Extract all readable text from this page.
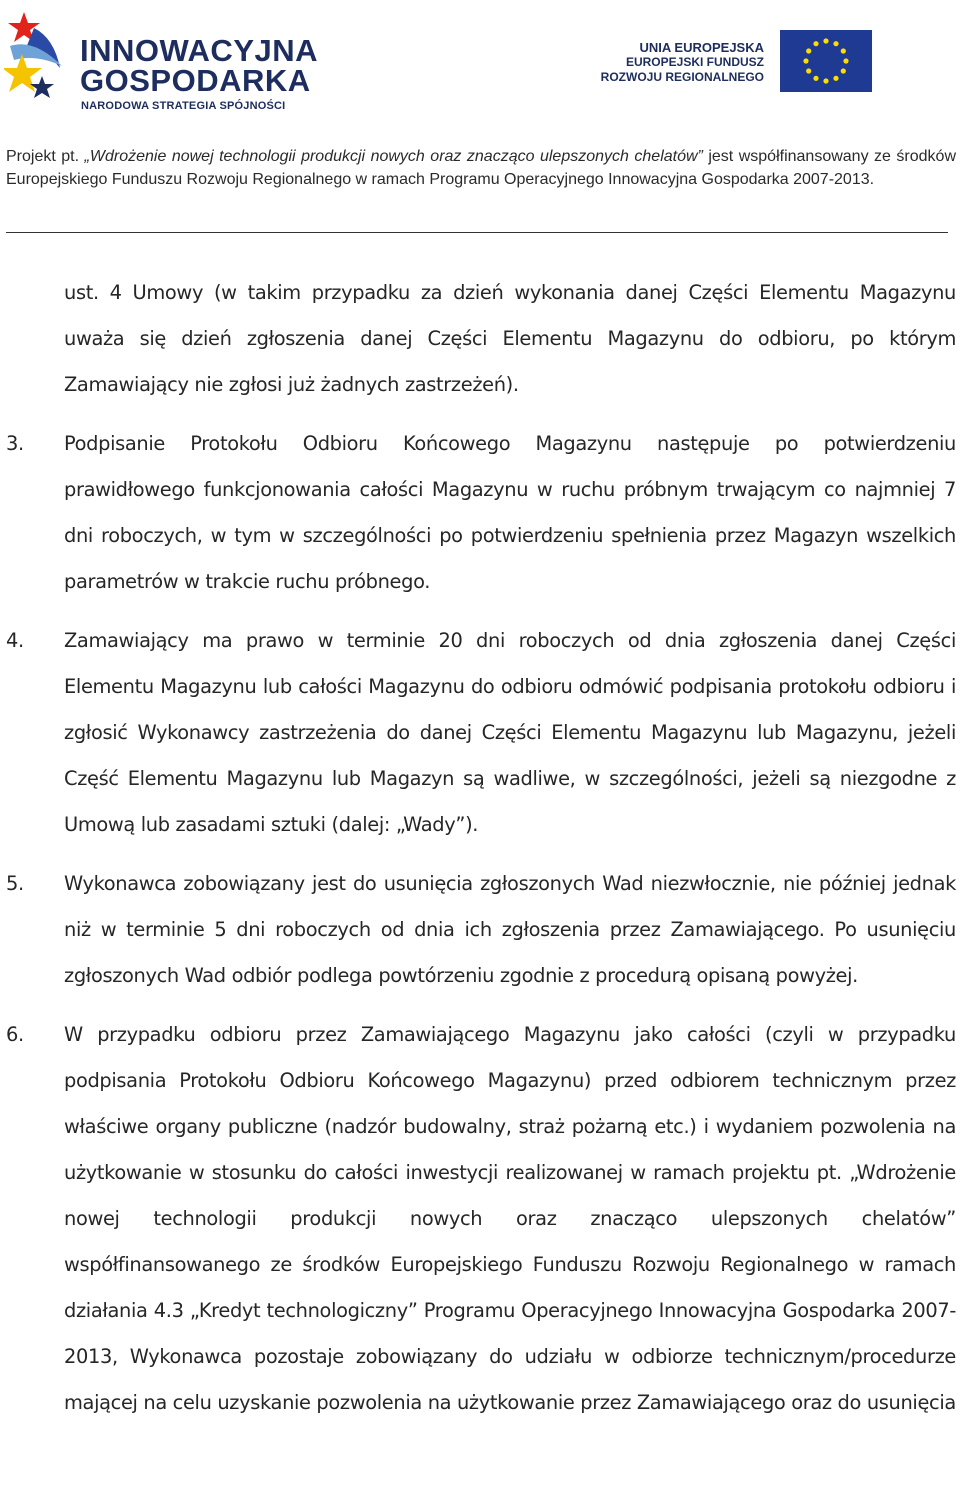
INNOWACYJNA
GOSPODARKA
NARODOWA STRATEGIA SPÓJNOŚCI
UNIA EUROPEJSKA
EUROPEJSKI FUNDUSZ
ROZWOJU REGIONALNEGO
Projekt pt. „Wdrożenie nowej technologii produkcji nowych oraz znacząco ulepszonych chelatów” jest współfinansowany ze środków Europejskiego Funduszu Rozwoju Regionalnego w ramach Programu Operacyjnego Innowacyjna Gospodarka 2007-2013.
ust. 4 Umowy (w takim przypadku za dzień wykonania danej Części Elementu Magazynu uważa się dzień zgłoszenia danej Części Elementu Magazynu do odbioru, po którym Zamawiający nie zgłosi już żadnych zastrzeżeń).
3. Podpisanie Protokołu Odbioru Końcowego Magazynu następuje po potwierdzeniu prawidłowego funkcjonowania całości Magazynu w ruchu próbnym trwającym co najmniej 7 dni roboczych, w tym w szczególności po potwierdzeniu spełnienia przez Magazyn wszelkich parametrów w trakcie ruchu próbnego.
4. Zamawiający ma prawo w terminie 20 dni roboczych od dnia zgłoszenia danej Części Elementu Magazynu lub całości Magazynu do odbioru odmówić podpisania protokołu odbioru i zgłosić Wykonawcy zastrzeżenia do danej Części Elementu Magazynu lub Magazynu, jeżeli Część Elementu Magazynu lub Magazyn są wadliwe, w szczególności, jeżeli są niezgodne z Umową lub zasadami sztuki (dalej: „Wady”).
5. Wykonawca zobowiązany jest do usunięcia zgłoszonych Wad niezwłocznie, nie później jednak niż w terminie 5 dni roboczych od dnia ich zgłoszenia przez Zamawiającego. Po usunięciu zgłoszonych Wad odbiór podlega powtórzeniu zgodnie z procedurą opisaną powyżej.
6. W przypadku odbioru przez Zamawiającego Magazynu jako całości (czyli w przypadku podpisania Protokołu Odbioru Końcowego Magazynu) przed odbiorem technicznym przez właściwe organy publiczne (nadzór budowalny, straż pożarną etc.) i wydaniem pozwolenia na użytkowanie w stosunku do całości inwestycji realizowanej w ramach projektu pt. „Wdrożenie nowej technologii produkcji nowych oraz znacząco ulepszonych chelatów” współfinansowanego ze środków Europejskiego Funduszu Rozwoju Regionalnego w ramach działania 4.3 „Kredyt technologiczny” Programu Operacyjnego Innowacyjna Gospodarka 2007-2013, Wykonawca pozostaje zobowiązany do udziału w odbiorze technicznym/procedurze mającej na celu uzyskanie pozwolenia na użytkowanie przez Zamawiającego oraz do usunięcia
